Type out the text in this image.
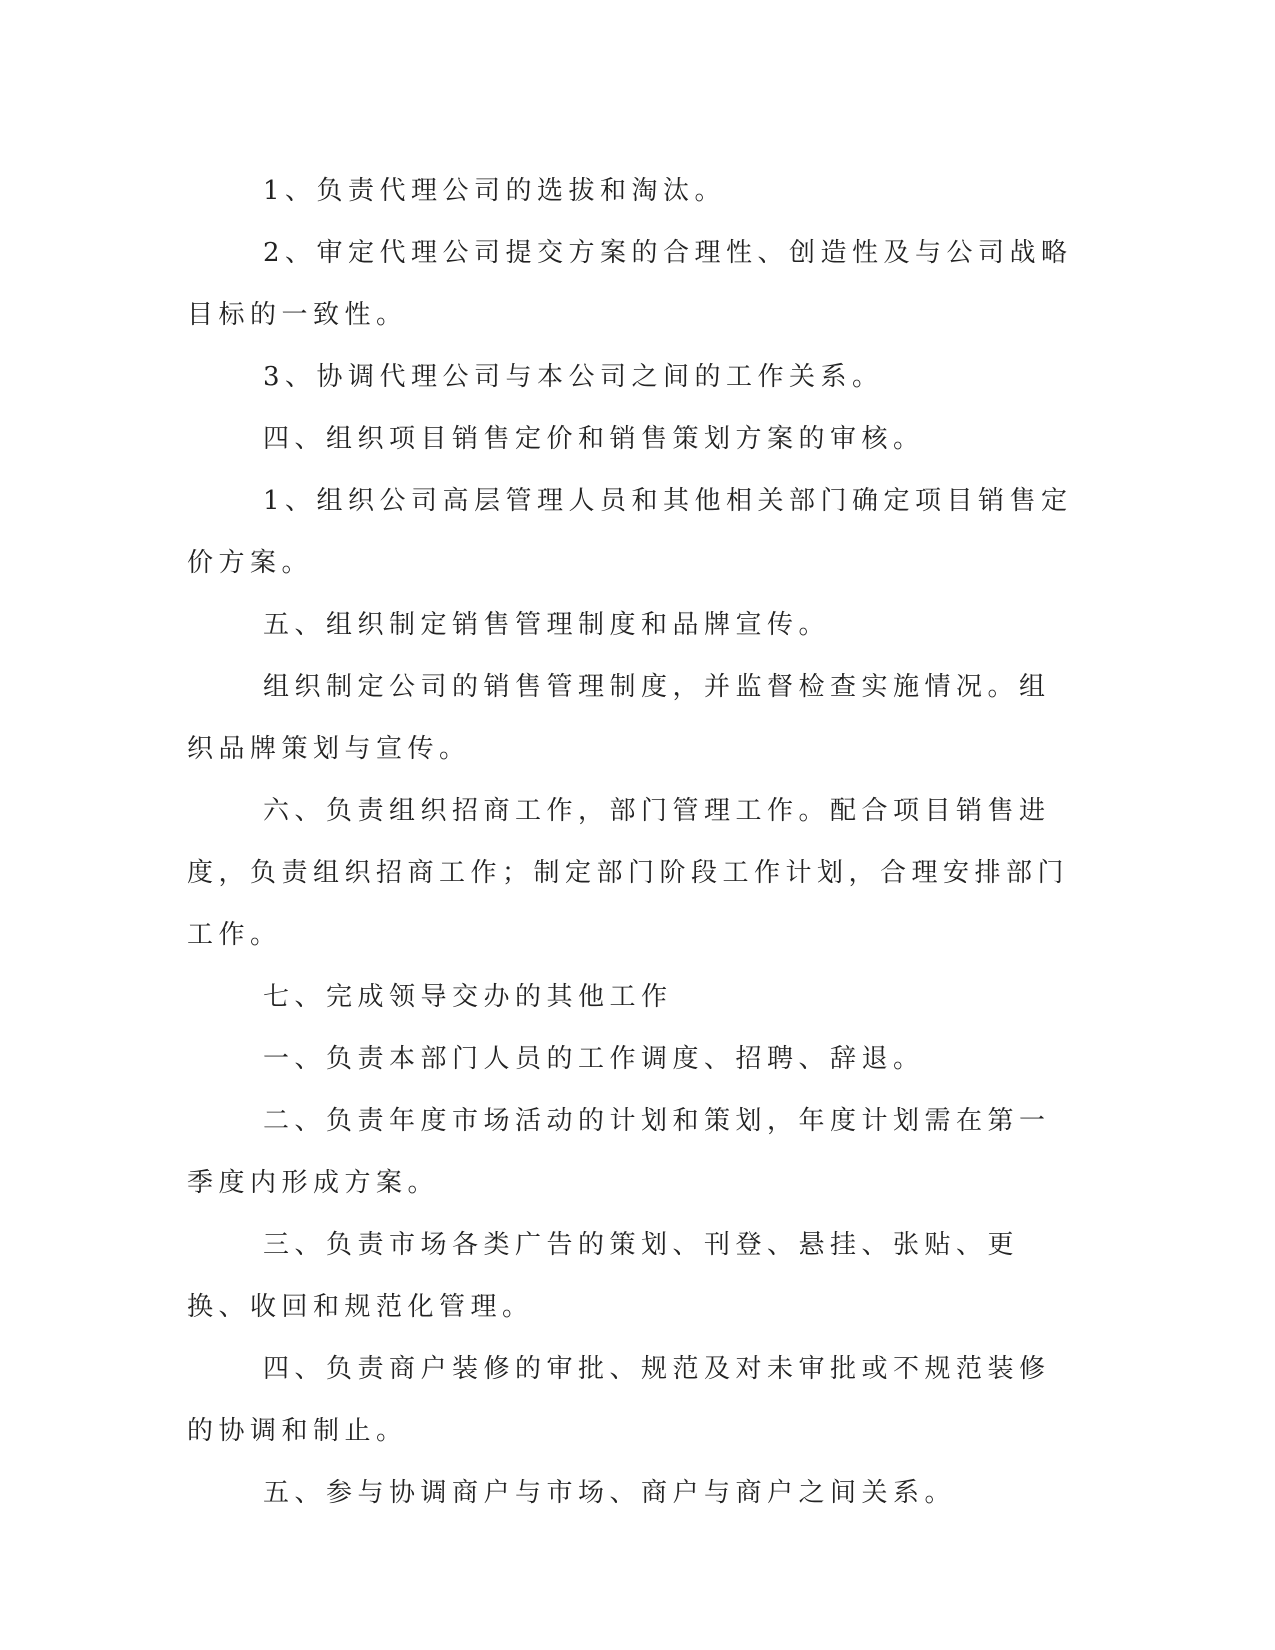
1、负责代理公司的选拔和淘汰。

2、审定代理公司提交方案的合理性、创造性及与公司战略目标的一致性。

3、协调代理公司与本公司之间的工作关系。

四、组织项目销售定价和销售策划方案的审核。

1、组织公司高层管理人员和其他相关部门确定项目销售定价方案。

五、组织制定销售管理制度和品牌宣传。

组织制定公司的销售管理制度，并监督检查实施情况。组织品牌策划与宣传。

六、负责组织招商工作，部门管理工作。配合项目销售进度，负责组织招商工作；制定部门阶段工作计划，合理安排部门工作。

七、完成领导交办的其他工作

一、负责本部门人员的工作调度、招聘、辞退。

二、负责年度市场活动的计划和策划，年度计划需在第一季度内形成方案。

三、负责市场各类广告的策划、刊登、悬挂、张贴、更换、收回和规范化管理。

四、负责商户装修的审批、规范及对未审批或不规范装修的协调和制止。

五、参与协调商户与市场、商户与商户之间关系。
